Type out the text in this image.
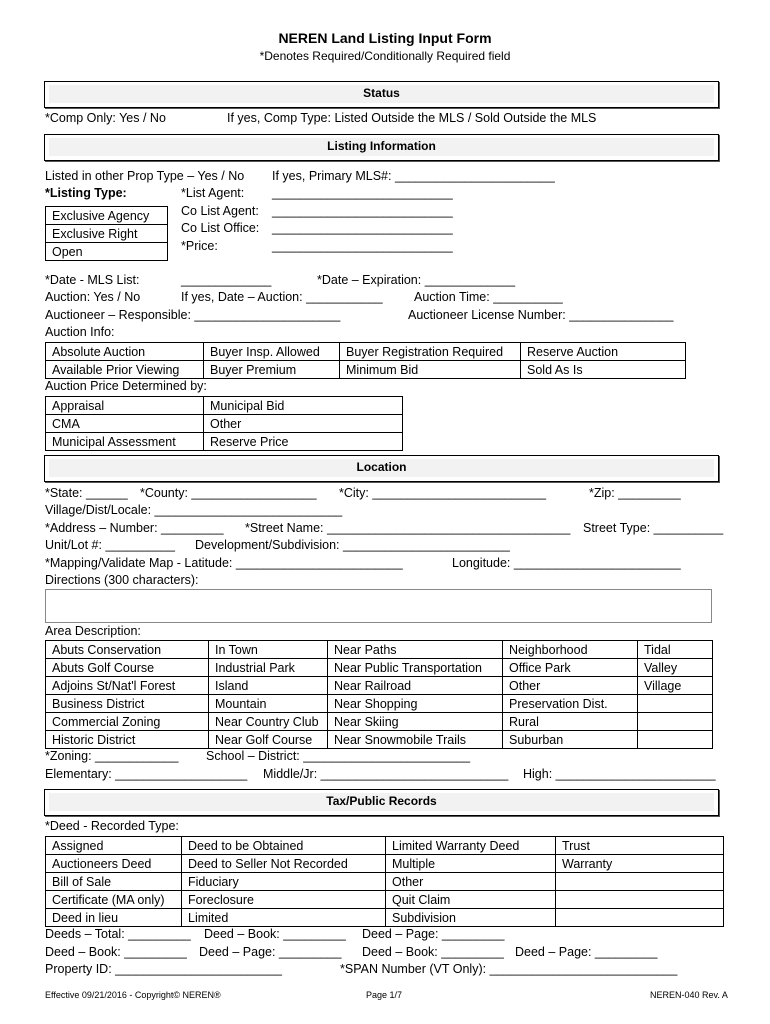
NEREN Land Listing Input Form
*Denotes Required/Conditionally Required field
Status
*Comp Only: Yes / No	If yes, Comp Type: Listed Outside the MLS / Sold Outside the MLS
Listing Information
Listed in other Prop Type – Yes / No If yes, Primary MLS#: _______________________
*Listing Type:	*List Agent: __________________________
Co List Agent: __________________________
Co List Office: __________________________
*Price:	__________________________
Exclusive Agency
Exclusive Right
Open
*Date - MLS List:	_____________	*Date – Expiration: _____________
Auction: Yes / No	If yes, Date – Auction: ___________	Auction Time: __________
Auctioneer – Responsible: _____________________	Auctioneer License Number: _______________
Auction Info:
Absolute Auction	Buyer Insp. Allowed	Buyer Registration Required	Reserve Auction
Available Prior Viewing	Buyer Premium	Minimum Bid	Sold As Is
Auction Price Determined by:
Appraisal	Municipal Bid
CMA	Other
Municipal Assessment	Reserve Price
Location
*State: ______ *County: __________________ *City: _________________________	*Zip: _________
Village/Dist/Locale: ___________________________
*Address – Number: _________ *Street Name: ___________________________________ Street Type: __________
Unit/Lot #: __________ Development/Subdivision: ________________________
*Mapping/Validate Map - Latitude: ________________________	Longitude: ________________________
Directions (300 characters):
Area Description:
Abuts Conservation	In Town	Near Paths	Neighborhood	Tidal
Abuts Golf Course	Industrial Park	Near Public Transportation	Office Park	Valley
Adjoins St/Nat'l Forest	Island	Near Railroad	Other	Village
Business District	Mountain	Near Shopping	Preservation Dist.	
Commercial Zoning	Near Country Club	Near Skiing	Rural	
Historic District	Near Golf Course	Near Snowmobile Trails	Suburban	
*Zoning: ____________ School – District: ________________________
Elementary: ___________________ Middle/Jr: ___________________________ High: _______________________
Tax/Public Records
*Deed - Recorded Type:
Assigned	Deed to be Obtained	Limited Warranty Deed	Trust
Auctioneers Deed	Deed to Seller Not Recorded	Multiple	Warranty
Bill of Sale	Fiduciary	Other	
Certificate (MA only)	Foreclosure	Quit Claim	
Deed in lieu	Limited	Subdivision	
Deeds – Total: _________ Deed – Book: _________ Deed – Page: _________
Deed – Book: _________ Deed – Page: _________ Deed – Book: _________ Deed – Page: _________
Property ID: ________________________	*SPAN Number (VT Only): ___________________________
Effective 09/21/2016 - Copyright© NEREN®	Page 1/7	NEREN-040 Rev. A
